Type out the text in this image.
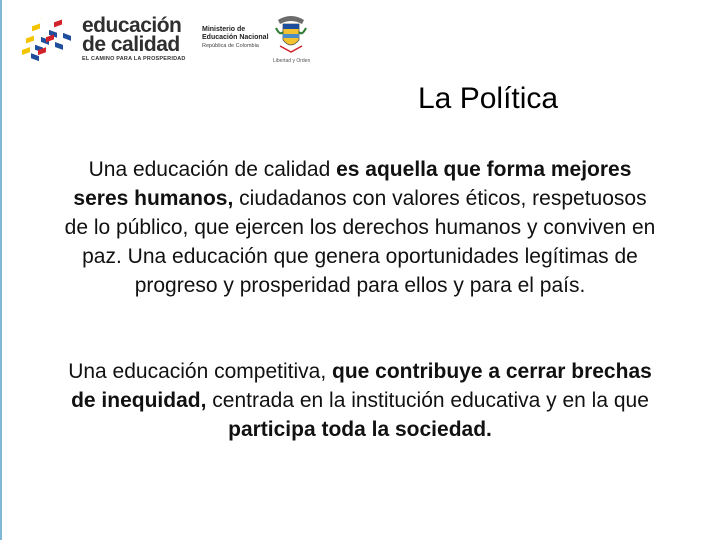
educación
de calidad
EL CAMINO PARA LA PROSPERIDAD
Ministerio de
Educación Nacional
República de Colombia
Libertad y Orden
La Política
Una educación de calidad es aquella que forma mejores seres humanos, ciudadanos con valores éticos, respetuosos de lo público, que ejercen los derechos humanos y conviven en paz. Una educación que genera oportunidades legítimas de progreso y prosperidad para ellos y para el país.
Una educación competitiva, que contribuye a cerrar brechas de inequidad, centrada en la institución educativa y en la que participa toda la sociedad.
